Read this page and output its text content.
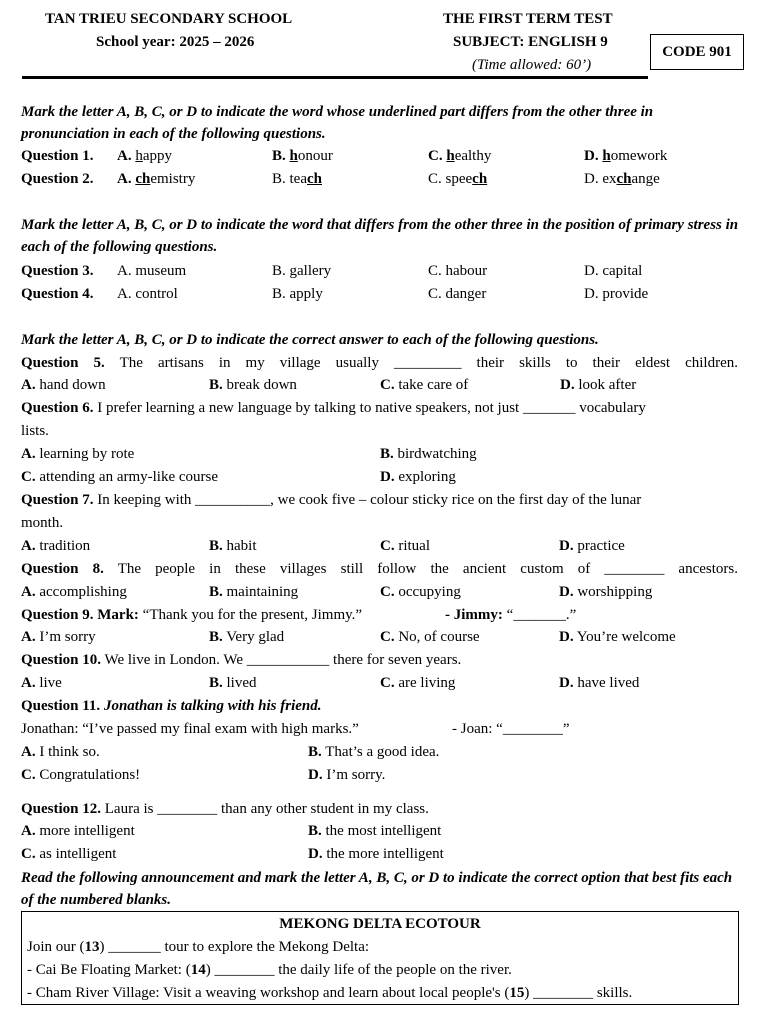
TAN TRIEU SECONDARY SCHOOL
School year: 2025 – 2026
THE FIRST TERM TEST
SUBJECT: ENGLISH 9
(Time allowed: 60’)
CODE 901
Mark the letter A, B, C, or D to indicate the word whose underlined part differs from the other three in pronunciation in each of the following questions.
Question 1. A. happy	B. honour	C. healthy	D. homework
Question 2. A. chemistry	B. teach	C. speech	D. exchange
Mark the letter A, B, C, or D to indicate the word that differs from the other three in the position of primary stress in each of the following questions.
Question 3. A. museum	B. gallery	C. habour	D. capital
Question 4. A. control	B. apply	C. danger	D. provide
Mark the letter A, B, C, or D to indicate the correct answer to each of the following questions.
Question 5. The artisans in my village usually _________ their skills to their eldest children.
A. hand down	B. break down	C. take care of	D. look after
Question 6. I prefer learning a new language by talking to native speakers, not just _______ vocabulary
lists.
A. learning by rote	B. birdwatching
C. attending an army-like course	D. exploring
Question 7. In keeping with __________, we cook five – colour sticky rice on the first day of the lunar
month.
A. tradition	B. habit	C. ritual	D. practice
Question 8. The people in these villages still follow the ancient custom of ________ ancestors.
A. accomplishing	B. maintaining	C. occupying	D. worshipping
Question 9. Mark: “Thank you for the present, Jimmy.”	- Jimmy: “_______.”
A. I’m sorry	B. Very glad	C. No, of course	D. You’re welcome
Question 10. We live in London. We ___________ there for seven years.
A. live	B. lived	C. are living	D. have lived
Question 11. Jonathan is talking with his friend.
Jonathan: “I’ve passed my final exam with high marks.”	- Joan: “________”
A. I think so.	B. That’s a good idea.
C. Congratulations!	D. I’m sorry.
Question 12. Laura is ________ than any other student in my class.
A. more intelligent	B. the most intelligent
C. as intelligent	D. the more intelligent
Read the following announcement and mark the letter A, B, C, or D to indicate the correct option that best fits each of the numbered blanks.
MEKONG DELTA ECOTOUR
Join our (13) _______ tour to explore the Mekong Delta:
- Cai Be Floating Market: (14) ________ the daily life of the people on the river.
- Cham River Village: Visit a weaving workshop and learn about local people's (15) ________ skills.
